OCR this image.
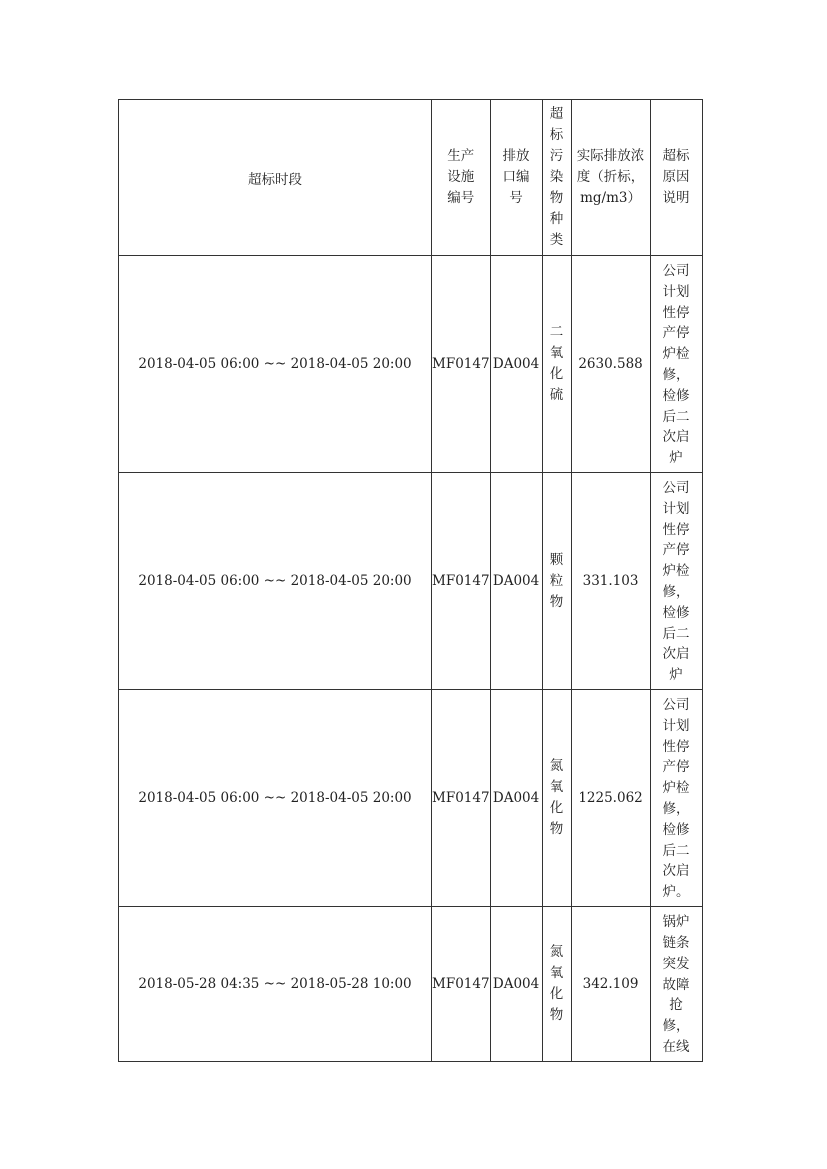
超标时段	生产设施编号	排放口编号	超标污染物种类	实际排放浓度（折标，mg/m3）	超标原因说明

2018-04-05 06:00 ~~ 2018-04-05 20:00	MF0147	DA004	二氧化硫	2630.588	公司计划性停产停炉检修，检修后二次启炉

2018-04-05 06:00 ~~ 2018-04-05 20:00	MF0147	DA004	颗粒物	331.103	公司计划性停产停炉检修，检修后二次启炉

2018-04-05 06:00 ~~ 2018-04-05 20:00	MF0147	DA004	氮氧化物	1225.062	公司计划性停产停炉检修，检修后二次启炉。

2018-05-28 04:35 ~~ 2018-05-28 10:00	MF0147	DA004	氮氧化物	342.109	锅炉链条突发故障抢修，在线
